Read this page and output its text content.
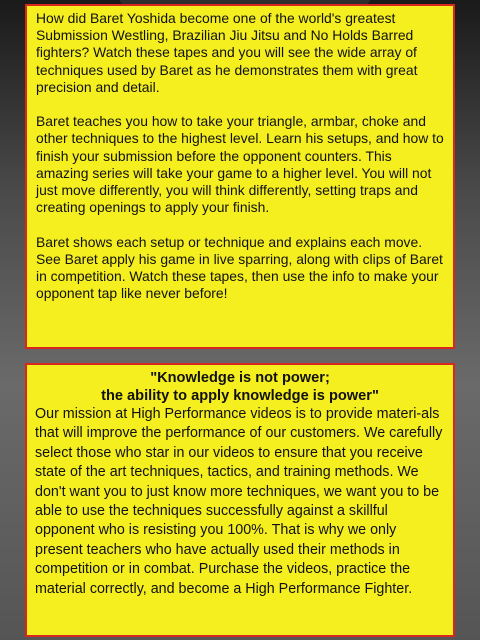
How did Baret Yoshida become one of the world's greatest Submission Westling, Brazilian Jiu Jitsu and No Holds Barred fighters? Watch these tapes and you will see the wide array of techniques used by Baret as he demonstrates them with great precision and detail.

Baret teaches you how to take your triangle, armbar, choke and other techniques to the highest level. Learn his setups, and how to finish your submission before the opponent counters. This amazing series will take your game to a higher level. You will not just move differently, you will think differently, setting traps and creating openings to apply your finish.

Baret shows each setup or technique and explains each move. See Baret apply his game in live sparring, along with clips of Baret in competition. Watch these tapes, then use the info to make your opponent tap like never before!

"Knowledge is not power;
the ability to apply knowledge is power"

Our mission at High Performance videos is to provide materi-als that will improve the performance of our customers. We carefully select those who star in our videos to ensure that you receive state of the art techniques, tactics, and training methods. We don't want you to just know more techniques, we want you to be able to use the techniques successfully against a skillful opponent who is resisting you 100%. That is why we only present teachers who have actually used their methods in competition or in combat. Purchase the videos, practice the material correctly, and become a High Performance Fighter.
